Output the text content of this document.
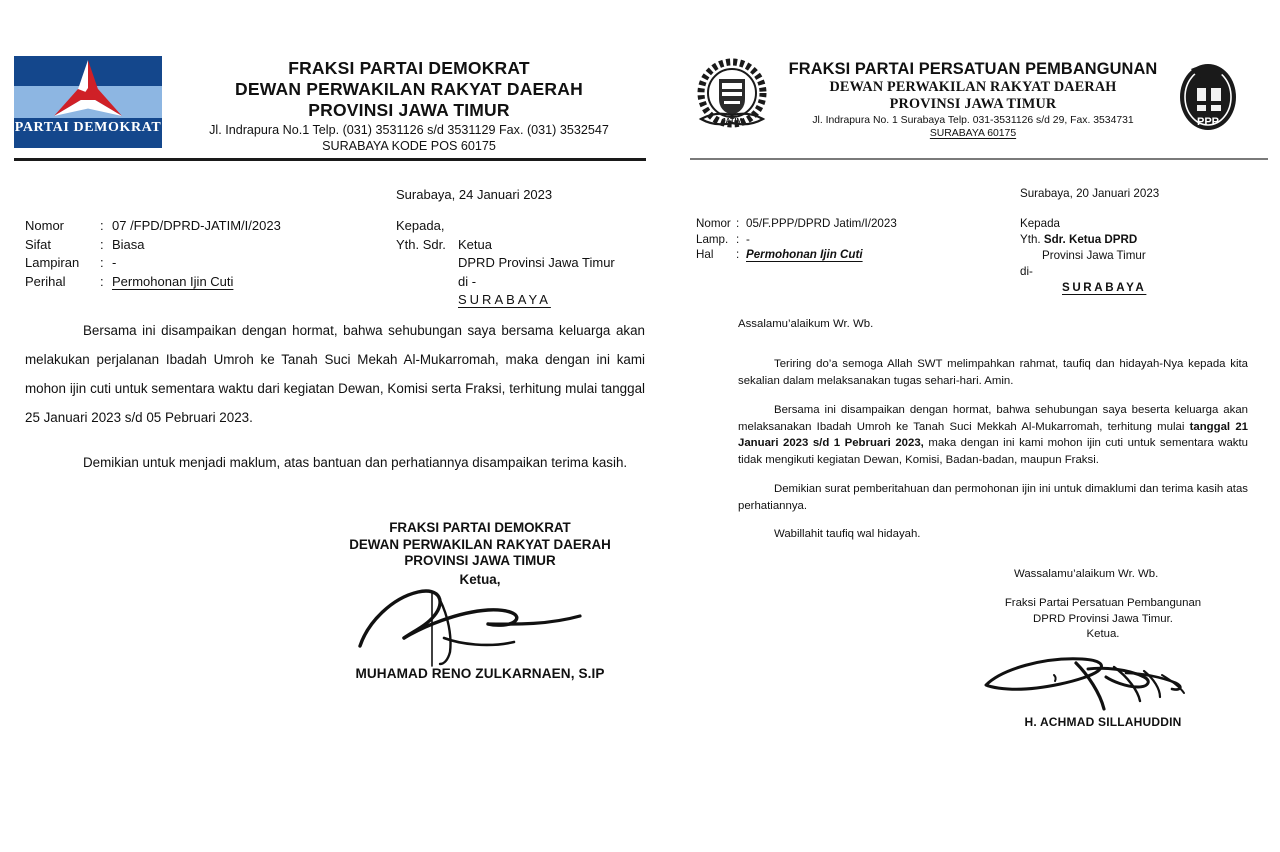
PARTAI DEMOKRAT
FRAKSI PARTAI DEMOKRAT
DEWAN PERWAKILAN RAKYAT DAERAH
PROVINSI JAWA TIMUR
Jl. Indrapura No.1 Telp. (031) 3531126 s/d 3531129 Fax. (031) 3532547
SURABAYA KODE POS 60175
Surabaya, 24 Januari 2023
Nomor	:	07 /FPD/DPRD-JATIM/I/2023
Sifat	:	Biasa
Lampiran	:	-
Perihal	:	Permohonan Ijin Cuti
Kepada,
Yth. Sdr. Ketua
DPRD Provinsi Jawa Timur
di -
SURABAYA

Bersama ini disampaikan dengan hormat, bahwa sehubungan saya bersama keluarga akan melakukan perjalanan Ibadah Umroh ke Tanah Suci Mekah Al-Mukarromah, maka dengan ini kami mohon ijin cuti untuk sementara waktu dari kegiatan Dewan, Komisi serta Fraksi, terhitung mulai tanggal 25 Januari 2023 s/d 05 Pebruari 2023.

Demikian untuk menjadi maklum, atas bantuan dan perhatiannya disampaikan terima kasih.

FRAKSI PARTAI DEMOKRAT
DEWAN PERWAKILAN RAKYAT DAERAH
PROVINSI JAWA TIMUR
Ketua,
MUHAMAD RENO ZULKARNAEN, S.IP
JATIM
FRAKSI PARTAI PERSATUAN PEMBANGUNAN
DEWAN PERWAKILAN RAKYAT DAERAH
PROVINSI JAWA TIMUR
Jl. Indrapura No. 1 Surabaya Telp. 031-3531126 s/d 29, Fax. 3534731
SURABAYA 60175
PPP
Surabaya, 20 Januari 2023
Nomor	:	05/F.PPP/DPRD Jatim/I/2023
Lamp.	:	-
Hal	:	Permohonan Ijin Cuti
Kepada
Yth. Sdr. Ketua DPRD
Provinsi Jawa Timur
di-
SURABAYA
Assalamu’alaikum Wr. Wb.

Teriring do’a semoga Allah SWT melimpahkan rahmat, taufiq dan hidayah-Nya kepada kita sekalian dalam melaksanakan tugas sehari-hari. Amin.

Bersama ini disampaikan dengan hormat, bahwa sehubungan saya beserta keluarga akan melaksanakan Ibadah Umroh ke Tanah Suci Mekkah Al-Mukarromah, terhitung mulai tanggal 21 Januari 2023 s/d 1 Pebruari 2023, maka dengan ini kami mohon ijin cuti untuk sementara waktu tidak mengikuti kegiatan Dewan, Komisi, Badan-badan, maupun Fraksi.

Demikian surat pemberitahuan dan permohonan ijin ini untuk dimaklumi dan terima kasih atas perhatiannya.

Wabillahit taufiq wal hidayah.
Wassalamu’alaikum Wr. Wb.
Fraksi Partai Persatuan Pembangunan
DPRD Provinsi Jawa Timur.
Ketua.
H. ACHMAD SILLAHUDDIN
